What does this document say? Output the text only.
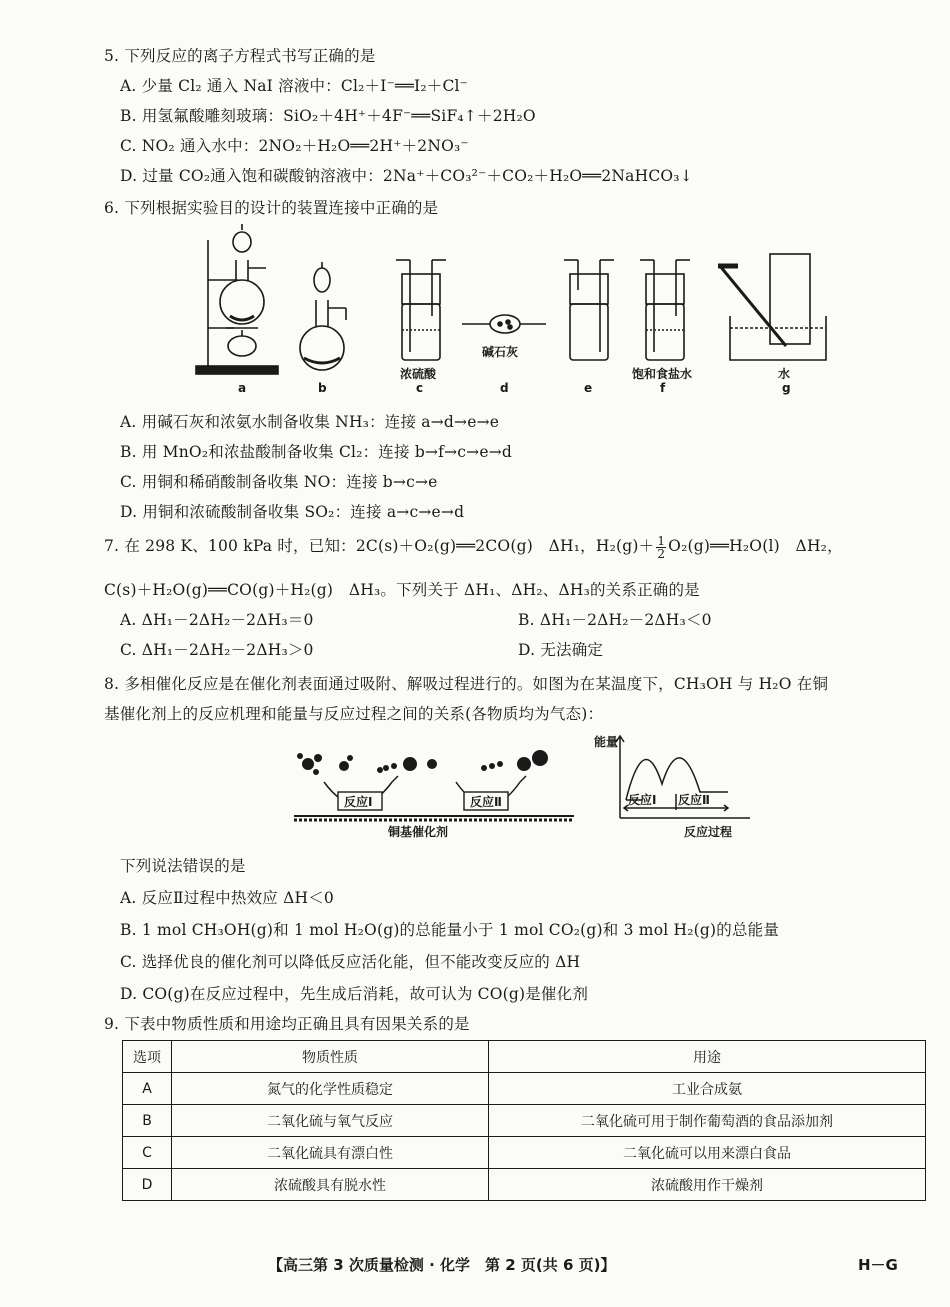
5. 下列反应的离子方程式书写正确的是
A. 少量 Cl₂ 通入 NaI 溶液中：Cl₂＋I⁻══I₂＋Cl⁻
B. 用氢氟酸雕刻玻璃：SiO₂＋4H⁺＋4F⁻══SiF₄↑＋2H₂O
C. NO₂ 通入水中：2NO₂＋H₂O══2H⁺＋2NO₃⁻
D. 过量 CO₂通入饱和碳酸钠溶液中：2Na⁺＋CO₃²⁻＋CO₂＋H₂O══2NaHCO₃↓
6. 下列根据实验目的设计的装置连接中正确的是
a	b
浓硫酸
c
碱石灰
d	e
饱和食盐水
f
水
g
A. 用碱石灰和浓氨水制备收集 NH₃：连接 a→d→e→e
B. 用 MnO₂和浓盐酸制备收集 Cl₂：连接 b→f→c→e→d
C. 用铜和稀硝酸制备收集 NO：连接 b→c→e
D. 用铜和浓硫酸制备收集 SO₂：连接 a→c→e→d
7. 在 298 K、100 kPa 时，已知：2C(s)＋O₂(g)══2CO(g)　ΔH₁，$H_2(g)+ \frac{1}{2}$ O₂(g)══H₂O(l)　ΔH₂，
C(s)＋H₂O(g)══CO(g)＋H₂(g)　ΔH₃。下列关于 ΔH₁、ΔH₂、ΔH₃的关系正确的是
A. ΔH₁－2ΔH₂－2ΔH₃＝0	B. ΔH₁－2ΔH₂－2ΔH₃＜0
C. ΔH₁－2ΔH₂－2ΔH₃＞0	D. 无法确定
8. 多相催化反应是在催化剂表面通过吸附、解吸过程进行的。如图为在某温度下，CH₃OH 与 H₂O 在铜
基催化剂上的反应机理和能量与反应过程之间的关系(各物质均为气态)：
反应Ⅰ	反应Ⅱ
铜基催化剂
能量
反应Ⅰ 反应Ⅱ
反应过程
下列说法错误的是
A. 反应Ⅱ过程中热效应 ΔH＜0
B. 1 mol CH₃OH(g)和 1 mol H₂O(g)的总能量小于 1 mol CO₂(g)和 3 mol H₂(g)的总能量
C. 选择优良的催化剂可以降低反应活化能，但不能改变反应的 ΔH
D. CO(g)在反应过程中，先生成后消耗，故可认为 CO(g)是催化剂
9. 下表中物质性质和用途均正确且具有因果关系的是
选项	物质性质	用途
A	氮气的化学性质稳定	工业合成氨
B	二氧化硫与氧气反应	二氧化硫可用于制作葡萄酒的食品添加剂
C	二氧化硫具有漂白性	二氧化硫可以用来漂白食品
D	浓硫酸具有脱水性	浓硫酸用作干燥剂
【高三第 3 次质量检测 · 化学　第 2 页(共 6 页)】	H－G
